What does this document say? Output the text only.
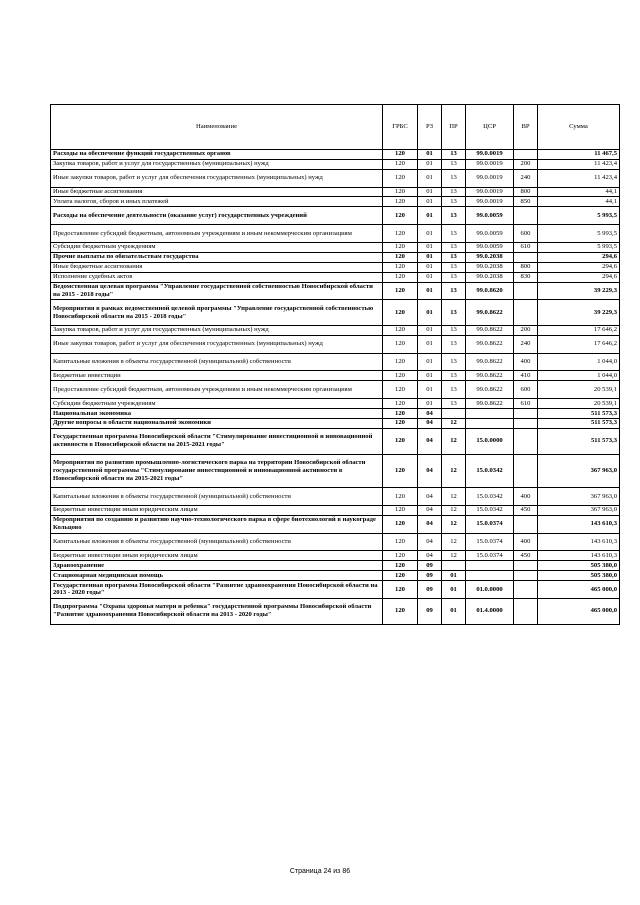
Наименование	ГРБС	РЗ	ПР	ЦСР	ВР	Сумма
Расходы на обеспечение функций государственных органов	120	01	13	99.0.0019		11 467,5
Закупка товаров, работ и услуг для государственных (муниципальных) нужд	120	01	13	99.0.0019	200	11 423,4
Иные закупки товаров, работ и услуг для обеспечения государственных (муниципальных) нужд	120	01	13	99.0.0019	240	11 423,4
Иные бюджетные ассигнования	120	01	13	99.0.0019	800	44,1
Уплата налогов, сборов и иных платежей	120	01	13	99.0.0019	850	44,1
Расходы на обеспечение деятельности (оказание услуг) государственных учреждений	120	01	13	99.0.0059		5 993,5
Предоставление субсидий бюджетным, автономным учреждениям и иным некоммерческим организациям	120	01	13	99.0.0059	600	5 993,5
Субсидии бюджетным учреждениям	120	01	13	99.0.0059	610	5 993,5
Прочие выплаты по обязательствам государства	120	01	13	99.0.2038		294,6
Иные бюджетные ассигнования	120	01	13	99.0.2038	800	294,6
Исполнение судебных актов	120	01	13	99.0.2038	830	294,6
Ведомственная целевая программа "Управление государственной собственностью Новосибирской области на 2015 - 2018 годы"	120	01	13	99.0.8620		39 229,3
Мероприятия в рамках ведомственной целевой программы "Управление государственной собственностью Новосибирской области на 2015 - 2018 годы"	120	01	13	99.0.8622		39 229,3
Закупка товаров, работ и услуг для государственных (муниципальных) нужд	120	01	13	99.0.8622	200	17 646,2
Иные закупки товаров, работ и услуг для обеспечения государственных (муниципальных) нужд	120	01	13	99.0.8622	240	17 646,2
Капитальные вложения в объекты государственной (муниципальной) собственности	120	01	13	99.0.8622	400	1 044,0
Бюджетные инвестиции	120	01	13	99.0.8622	410	1 044,0
Предоставление субсидий бюджетным, автономным учреждениям и иным некоммерческим организациям	120	01	13	99.0.8622	600	20 539,1
Субсидии бюджетным учреждениям	120	01	13	99.0.8622	610	20 539,1
Национальная экономика	120	04				511 573,3
Другие вопросы в области национальной экономики	120	04	12			511 573,3
Государственная программа Новосибирской области "Стимулирование инвестиционной и инновационной активности в Новосибирской области на 2015-2021 годы"	120	04	12	15.0.0000		511 573,3
Мероприятия по развитию промышленно-логистического парка на территории Новосибирской области государственной программы "Стимулирование инвестиционной и инновационной активности в Новосибирской области на 2015-2021 годы"	120	04	12	15.0.0342		367 963,0
Капитальные вложения в объекты государственной (муниципальной) собственности	120	04	12	15.0.0342	400	367 963,0
Бюджетные инвестиции иным юридическим лицам	120	04	12	15.0.0342	450	367 963,0
Мероприятия по созданию и развитию научно-технологического парка в сфере биотехнологий в наукограде Кольцово	120	04	12	15.0.0374		143 610,3
Капитальные вложения в объекты государственной (муниципальной) собственности	120	04	12	15.0.0374	400	143 610,3
Бюджетные инвестиции иным юридическим лицам	120	04	12	15.0.0374	450	143 610,3
Здравоохранение	120	09				505 380,0
Стационарная медицинская помощь	120	09	01			505 380,0
Государственная программа Новосибирской области "Развитие здравоохранения Новосибирской области на 2013 - 2020 годы"	120	09	01	01.0.0000		465 000,0
Подпрограмма "Охрана здоровья матери и ребенка" государственной программы Новосибирской области "Развитие здравоохранения Новосибирской области на 2013 - 2020 годы"	120	09	01	01.4.0000		465 000,0
Страница 24 из 86
